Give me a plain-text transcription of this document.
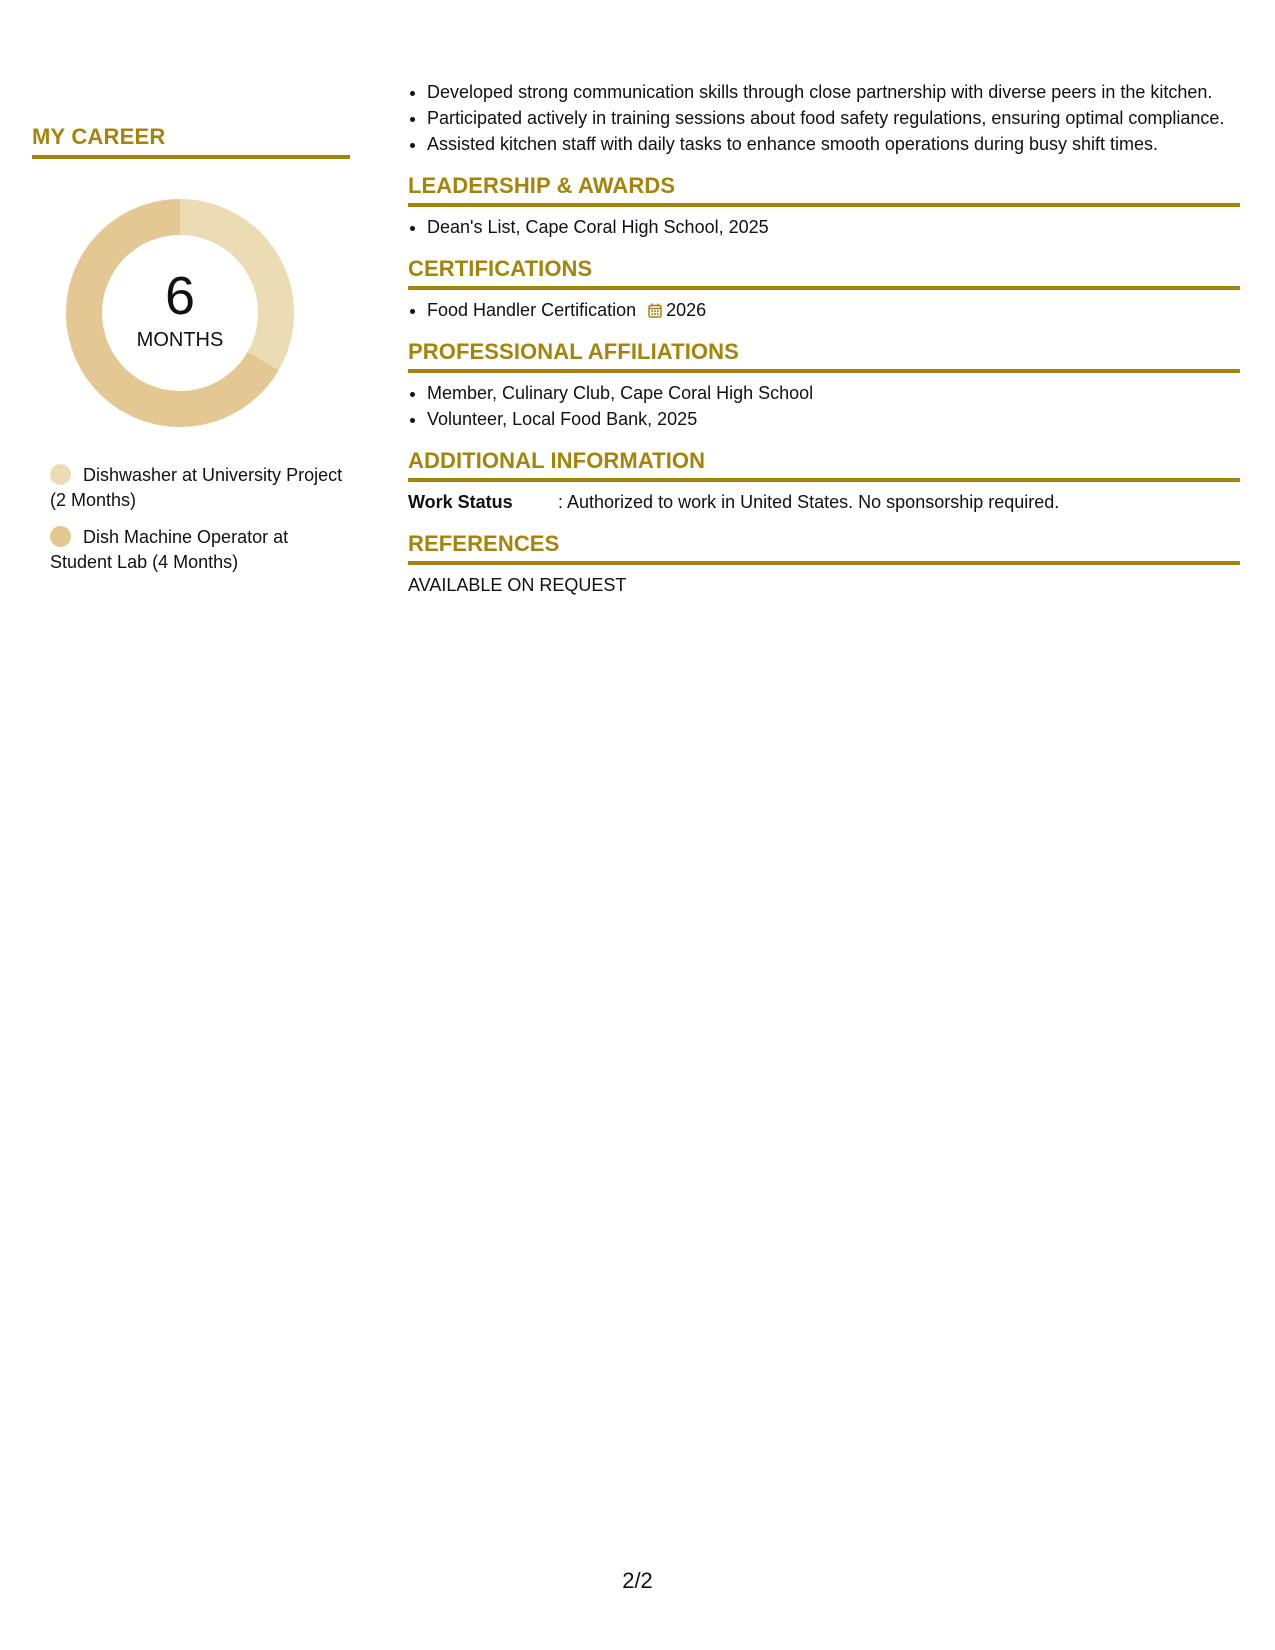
MY CAREER
6
MONTHS
Dishwasher at University Project (2 Months)
Dish Machine Operator at Student Lab (4 Months)
• Developed strong communication skills through close partnership with diverse peers in the kitchen.
• Participated actively in training sessions about food safety regulations, ensuring optimal compliance.
• Assisted kitchen staff with daily tasks to enhance smooth operations during busy shift times.
LEADERSHIP & AWARDS
• Dean's List, Cape Coral High School, 2025
CERTIFICATIONS
• Food Handler Certification 2026
PROFESSIONAL AFFILIATIONS
• Member, Culinary Club, Cape Coral High School
• Volunteer, Local Food Bank, 2025
ADDITIONAL INFORMATION
Work Status	: Authorized to work in United States. No sponsorship required.
REFERENCES
AVAILABLE ON REQUEST
2/2
